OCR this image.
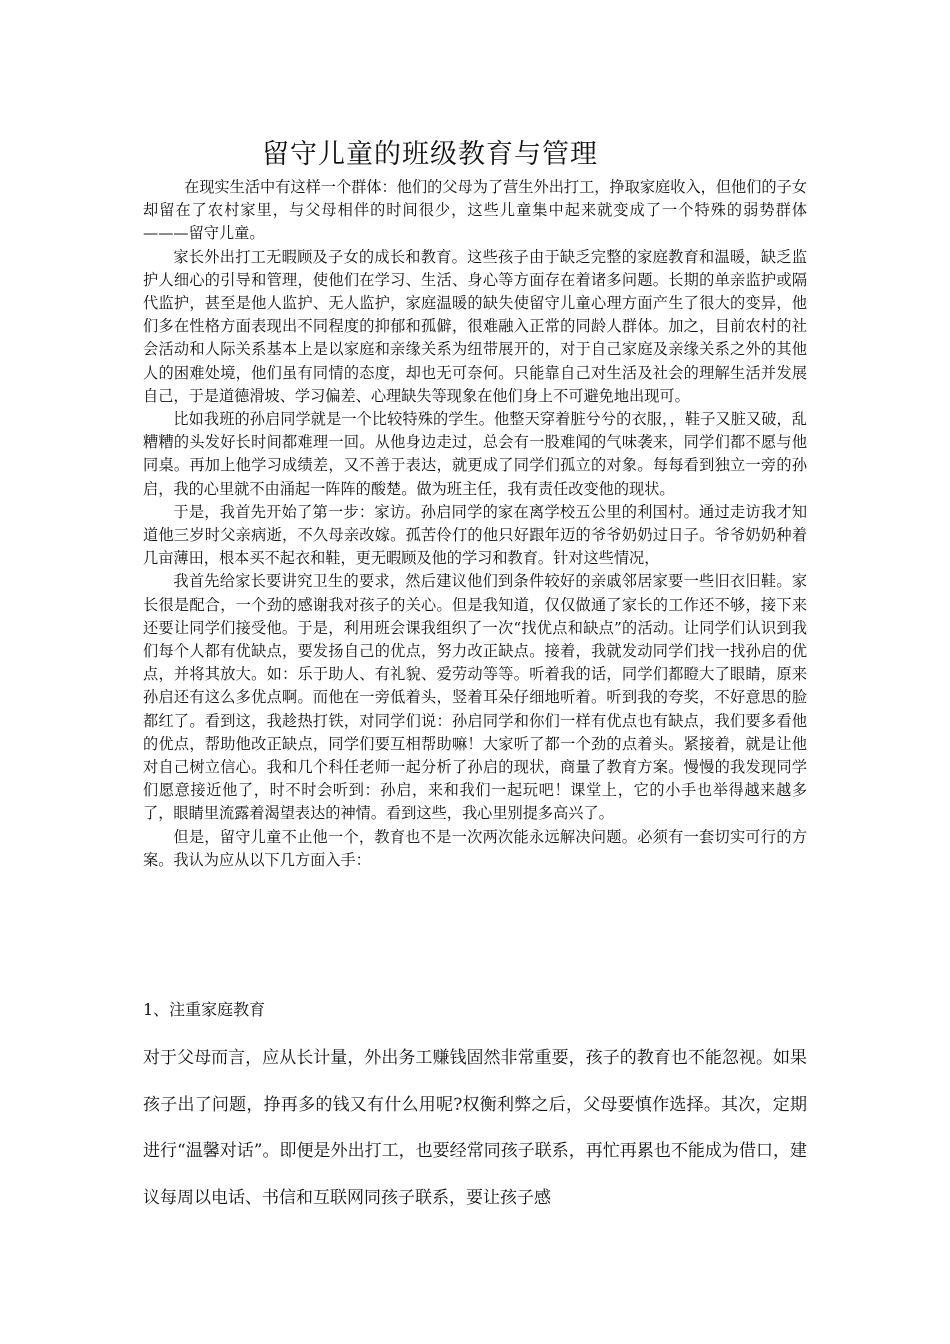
留守儿童的班级教育与管理

在现实生活中有这样一个群体：他们的父母为了营生外出打工，挣取家庭收入，但他们的子女却留在了农村家里，与父母相伴的时间很少，这些儿童集中起来就变成了一个特殊的弱势群体———留守儿童。

家长外出打工无暇顾及子女的成长和教育。这些孩子由于缺乏完整的家庭教育和温暖，缺乏监护人细心的引导和管理，使他们在学习、生活、身心等方面存在着诸多问题。长期的单亲监护或隔代监护，甚至是他人监护、无人监护，家庭温暖的缺失使留守儿童心理方面产生了很大的变异，他们多在性格方面表现出不同程度的抑郁和孤僻，很难融入正常的同龄人群体。加之，目前农村的社会活动和人际关系基本上是以家庭和亲缘关系为纽带展开的，对于自己家庭及亲缘关系之外的其他人的困难处境，他们虽有同情的态度，却也无可奈何。只能靠自己对生活及社会的理解生活并发展自己，于是道德滑坡、学习偏差、心理缺失等现象在他们身上不可避免地出现可。

比如我班的孙启同学就是一个比较特殊的学生。他整天穿着脏兮兮的衣服，，鞋子又脏又破，乱糟糟的头发好长时间都难理一回。从他身边走过，总会有一股难闻的气味袭来，同学们都不愿与他同桌。再加上他学习成绩差，又不善于表达，就更成了同学们孤立的对象。每每看到独立一旁的孙启，我的心里就不由涌起一阵阵的酸楚。做为班主任，我有责任改变他的现状。

于是，我首先开始了第一步：家访。孙启同学的家在离学校五公里的利国村。通过走访我才知道他三岁时父亲病逝，不久母亲改嫁。孤苦伶仃的他只好跟年迈的爷爷奶奶过日子。爷爷奶奶种着几亩薄田，根本买不起衣和鞋，更无暇顾及他的学习和教育。针对这些情况，

我首先给家长要讲究卫生的要求，然后建议他们到条件较好的亲戚邻居家要一些旧衣旧鞋。家长很是配合，一个劲的感谢我对孩子的关心。但是我知道，仅仅做通了家长的工作还不够，接下来还要让同学们接受他。于是，利用班会课我组织了一次“找优点和缺点”的活动。让同学们认识到我们每个人都有优缺点，要发扬自己的优点，努力改正缺点。接着，我就发动同学们找一找孙启的优点，并将其放大。如：乐于助人、有礼貌、爱劳动等等。听着我的话，同学们都瞪大了眼睛，原来孙启还有这么多优点啊。而他在一旁低着头，竖着耳朵仔细地听着。听到我的夸奖，不好意思的脸都红了。看到这，我趁热打铁，对同学们说：孙启同学和你们一样有优点也有缺点，我们要多看他的优点，帮助他改正缺点，同学们要互相帮助嘛！大家听了都一个劲的点着头。紧接着，就是让他对自己树立信心。我和几个科任老师一起分析了孙启的现状，商量了教育方案。慢慢的我发现同学们愿意接近他了，时不时会听到：孙启，来和我们一起玩吧！课堂上，它的小手也举得越来越多了，眼睛里流露着渴望表达的神情。看到这些，我心里别提多高兴了。

但是，留守儿童不止他一个，教育也不是一次两次能永远解决问题。必须有一套切实可行的方案。我认为应从以下几方面入手：

1、注重家庭教育

对于父母而言，应从长计量，外出务工赚钱固然非常重要，孩子的教育也不能忽视。如果孩子出了问题，挣再多的钱又有什么用呢?权衡利弊之后，父母要慎作选择。其次，定期进行“温馨对话”。即便是外出打工，也要经常同孩子联系，再忙再累也不能成为借口，建议每周以电话、书信和互联网同孩子联系，要让孩子感
